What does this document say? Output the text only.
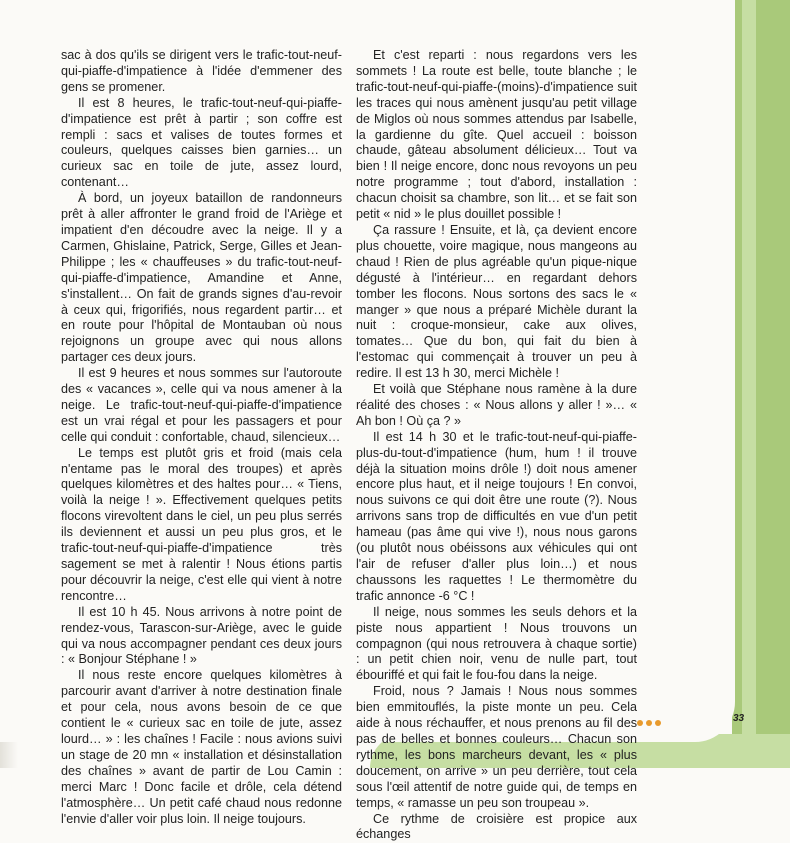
sac à dos qu'ils se dirigent vers le trafic-tout-neuf-qui-piaffe-d'impatience à l'idée d'emmener des gens se promener.

Il est 8 heures, le trafic-tout-neuf-qui-piaffe-d'impatience est prêt à partir ; son coffre est rempli : sacs et valises de toutes formes et couleurs, quelques caisses bien garnies… un curieux sac en toile de jute, assez lourd, contenant…

À bord, un joyeux bataillon de randonneurs prêt à aller affronter le grand froid de l'Ariège et impatient d'en découdre avec la neige. Il y a Carmen, Ghislaine, Patrick, Serge, Gilles et Jean-Philippe ; les « chauffeuses » du trafic-tout-neuf-qui-piaffe-d'impatience, Amandine et Anne, s'installent… On fait de grands signes d'au-revoir à ceux qui, frigorifiés, nous regardent partir… et en route pour l'hôpital de Montauban où nous rejoignons un groupe avec qui nous allons partager ces deux jours.

Il est 9 heures et nous sommes sur l'autoroute des « vacances », celle qui va nous amener à la neige. Le trafic-tout-neuf-qui-piaffe-d'impatience est un vrai régal et pour les passagers et pour celle qui conduit : confortable, chaud, silencieux…

Le temps est plutôt gris et froid (mais cela n'entame pas le moral des troupes) et après quelques kilomètres et des haltes pour… « Tiens, voilà la neige ! ». Effectivement quelques petits flocons virevoltent dans le ciel, un peu plus serrés ils deviennent et aussi un peu plus gros, et le trafic-tout-neuf-qui-piaffe-d'impatience très sagement se met à ralentir ! Nous étions partis pour découvrir la neige, c'est elle qui vient à notre rencontre…

Il est 10 h 45. Nous arrivons à notre point de rendez-vous, Tarascon-sur-Ariège, avec le guide qui va nous accompagner pendant ces deux jours : « Bonjour Stéphane ! »

Il nous reste encore quelques kilomètres à parcourir avant d'arriver à notre destination finale et pour cela, nous avons besoin de ce que contient le « curieux sac en toile de jute, assez lourd… » : les chaînes ! Facile : nous avions suivi un stage de 20 mn « installation et désinstallation des chaînes » avant de partir de Lou Camin : merci Marc ! Donc facile et drôle, cela détend l'atmosphère… Un petit café chaud nous redonne l'envie d'aller voir plus loin. Il neige toujours.

Et c'est reparti : nous regardons vers les sommets ! La route est belle, toute blanche ; le trafic-tout-neuf-qui-piaffe-(moins)-d'impatience suit les traces qui nous amènent jusqu'au petit village de Miglos où nous sommes attendus par Isabelle, la gardienne du gîte. Quel accueil : boisson chaude, gâteau absolument délicieux… Tout va bien ! Il neige encore, donc nous revoyons un peu notre programme ; tout d'abord, installation : chacun choisit sa chambre, son lit… et se fait son petit « nid » le plus douillet possible !

Ça rassure ! Ensuite, et là, ça devient encore plus chouette, voire magique, nous mangeons au chaud ! Rien de plus agréable qu'un pique-nique dégusté à l'intérieur… en regardant dehors tomber les flocons. Nous sortons des sacs le « manger » que nous a préparé Michèle durant la nuit : croque-monsieur, cake aux olives, tomates… Que du bon, qui fait du bien à l'estomac qui commençait à trouver un peu à redire. Il est 13 h 30, merci Michèle !

Et voilà que Stéphane nous ramène à la dure réalité des choses : « Nous allons y aller ! »… « Ah bon ! Où ça ? »

Il est 14 h 30 et le trafic-tout-neuf-qui-piaffe-plus-du-tout-d'impatience (hum, hum ! il trouve déjà la situation moins drôle !) doit nous amener encore plus haut, et il neige toujours ! En convoi, nous suivons ce qui doit être une route (?). Nous arrivons sans trop de difficultés en vue d'un petit hameau (pas âme qui vive !), nous nous garons (ou plutôt nous obéissons aux véhicules qui ont l'air de refuser d'aller plus loin…) et nous chaussons les raquettes ! Le thermomètre du trafic annonce -6 °C !

Il neige, nous sommes les seuls dehors et la piste nous appartient ! Nous trouvons un compagnon (qui nous retrouvera à chaque sortie) : un petit chien noir, venu de nulle part, tout ébouriffé et qui fait le fou-fou dans la neige.

Froid, nous ? Jamais ! Nous nous sommes bien emmitouflés, la piste monte un peu. Cela aide à nous réchauffer, et nous prenons au fil des pas de belles et bonnes couleurs… Chacun son rythme, les bons marcheurs devant, les « plus doucement, on arrive » un peu derrière, tout cela sous l'œil attentif de notre guide qui, de temps en temps, « ramasse un peu son troupeau ».

Ce rythme de croisière est propice aux échanges

33
